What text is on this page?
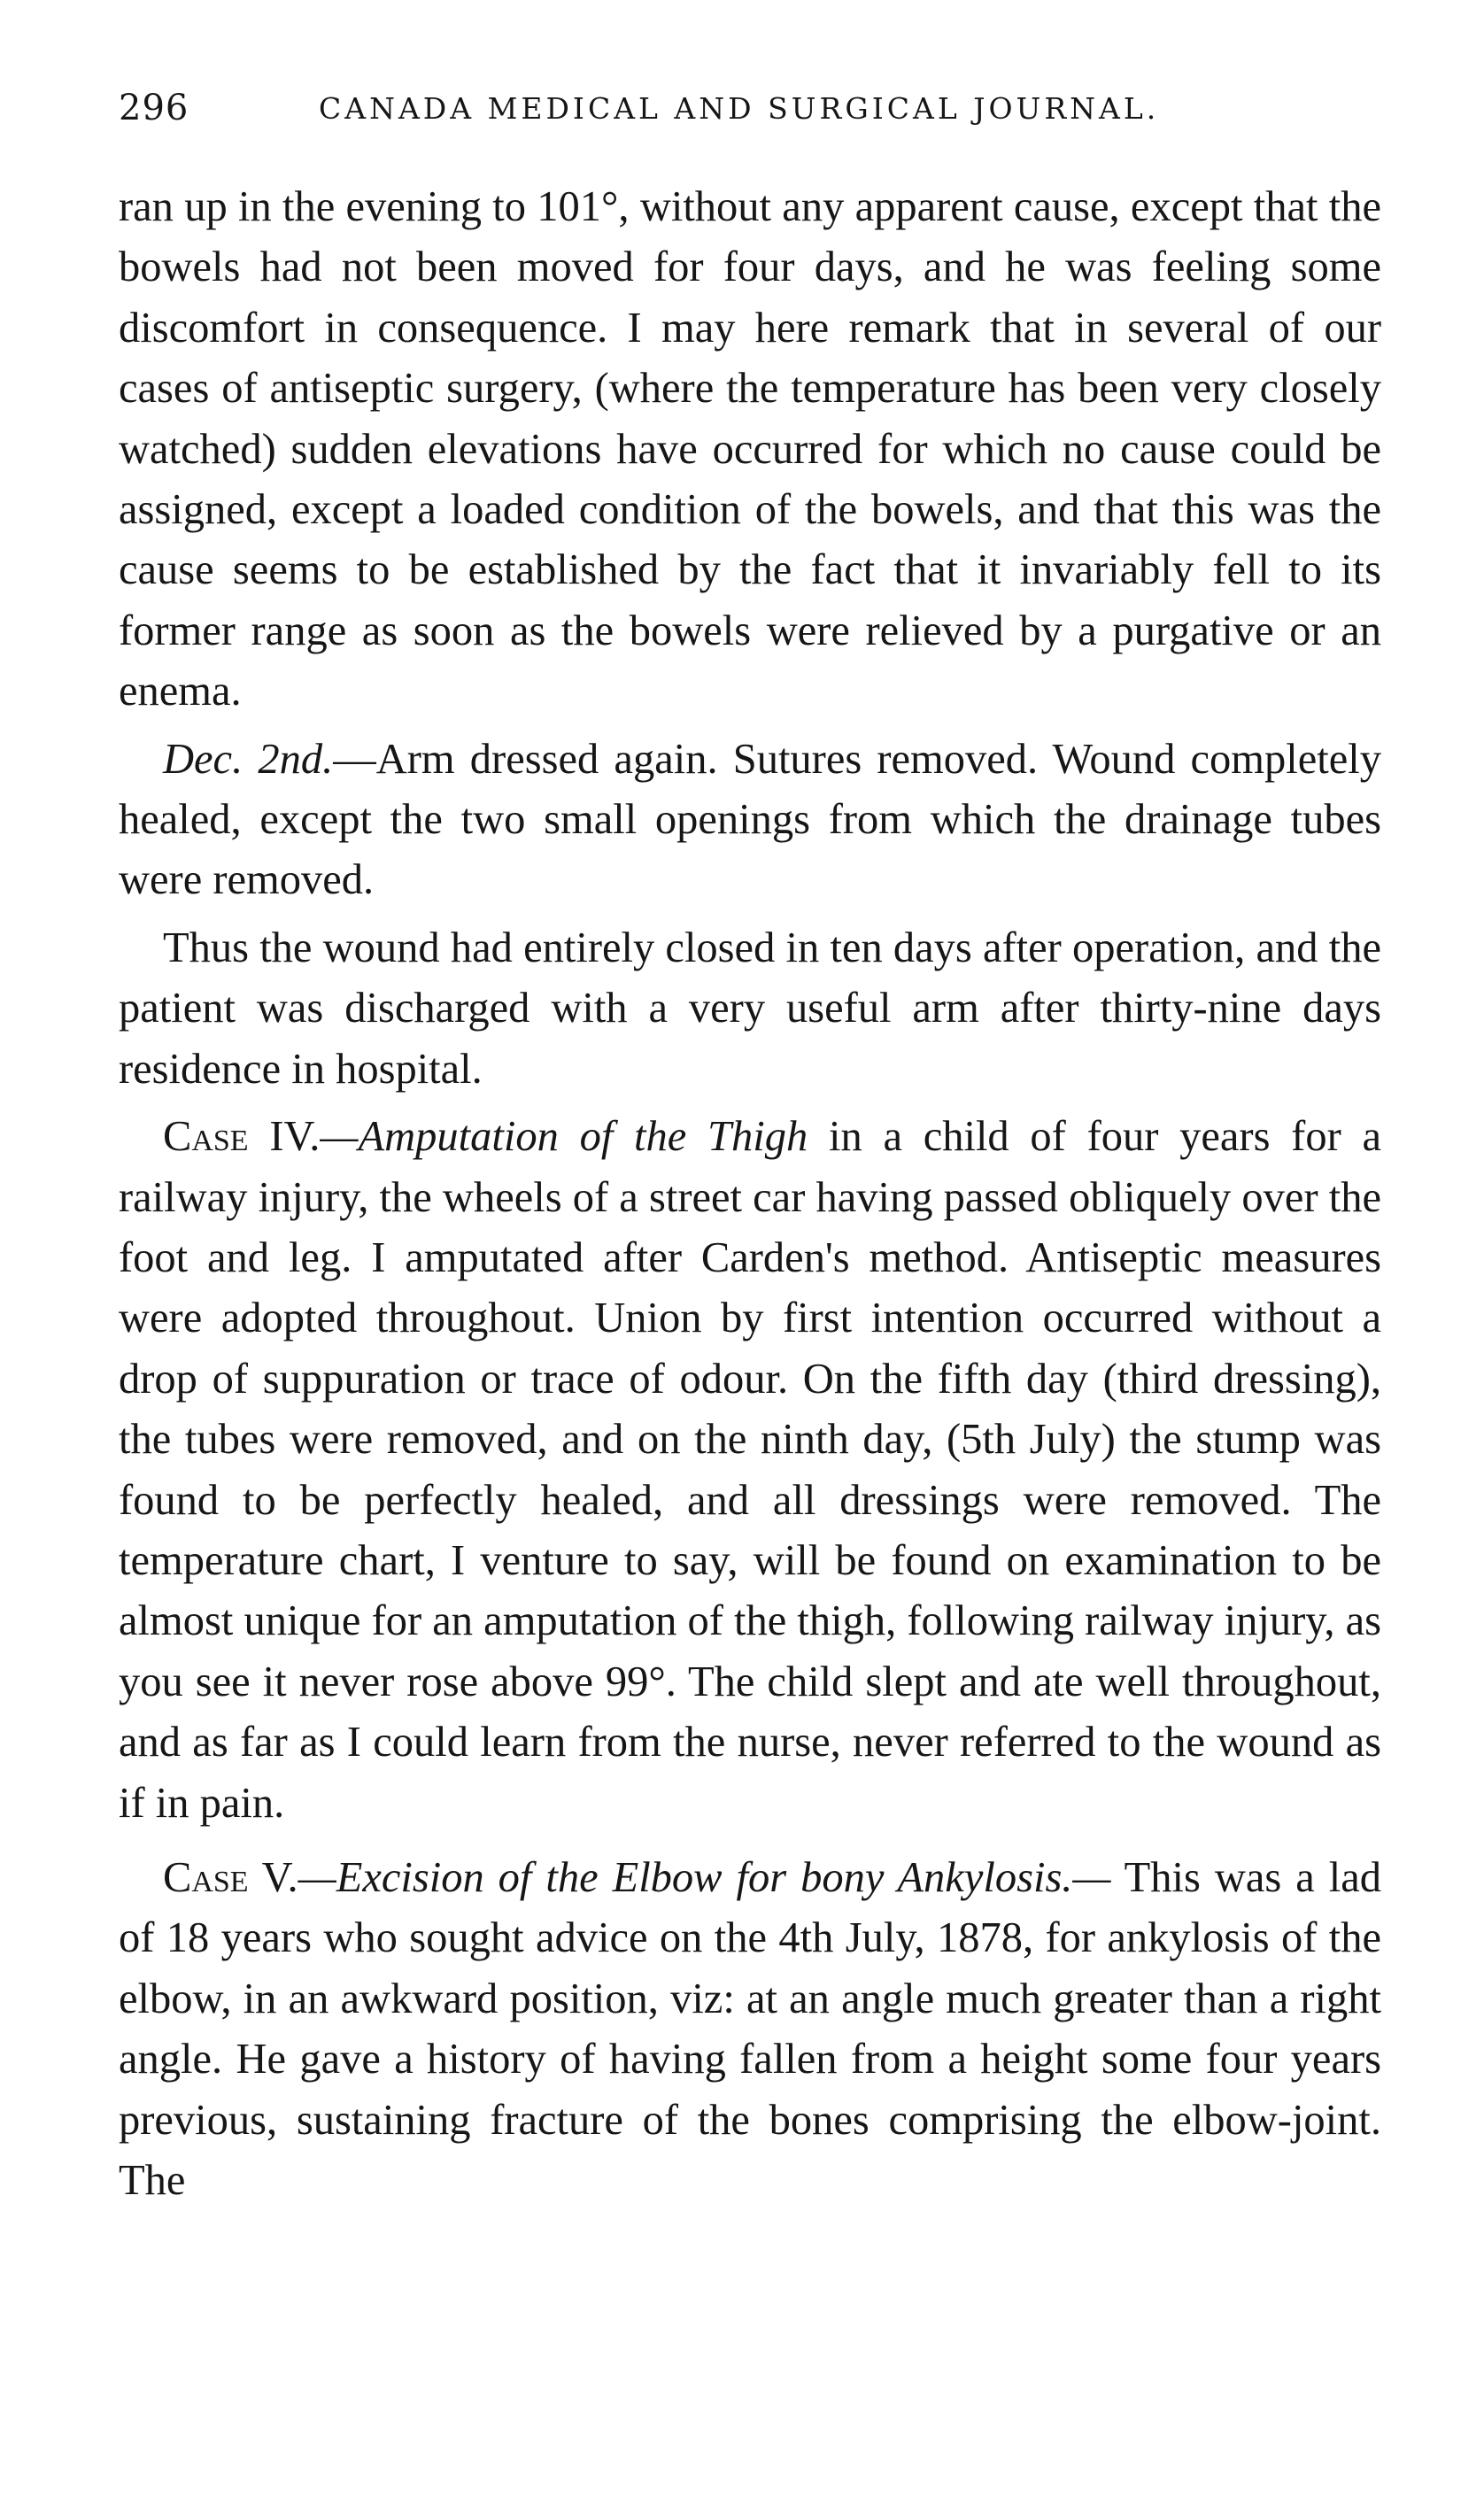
296	CANADA MEDICAL AND SURGICAL JOURNAL.

ran up in the evening to 101°, without any apparent cause, except that the bowels had not been moved for four days, and he was feeling some discomfort in consequence. I may here remark that in several of our cases of antiseptic surgery, (where the temperature has been very closely watched) sudden elevations have occurred for which no cause could be assigned, except a loaded condition of the bowels, and that this was the cause seems to be established by the fact that it invariably fell to its former range as soon as the bowels were relieved by a purgative or an enema.

Dec. 2nd.—Arm dressed again. Sutures removed. Wound completely healed, except the two small openings from which the drainage tubes were removed.

Thus the wound had entirely closed in ten days after operation, and the patient was discharged with a very useful arm after thirty-nine days residence in hospital.

Case IV.—Amputation of the Thigh in a child of four years for a railway injury, the wheels of a street car having passed obliquely over the foot and leg. I amputated after Carden's method. Antiseptic measures were adopted throughout. Union by first intention occurred without a drop of suppuration or trace of odour. On the fifth day (third dressing), the tubes were removed, and on the ninth day, (5th July) the stump was found to be perfectly healed, and all dressings were removed. The temperature chart, I venture to say, will be found on examination to be almost unique for an amputation of the thigh, following railway injury, as you see it never rose above 99°. The child slept and ate well throughout, and as far as I could learn from the nurse, never referred to the wound as if in pain.

Case V.—Excision of the Elbow for bony Ankylosis.— This was a lad of 18 years who sought advice on the 4th July, 1878, for ankylosis of the elbow, in an awkward position, viz: at an angle much greater than a right angle. He gave a history of having fallen from a height some four years previous, sustaining fracture of the bones comprising the elbow-joint. The
